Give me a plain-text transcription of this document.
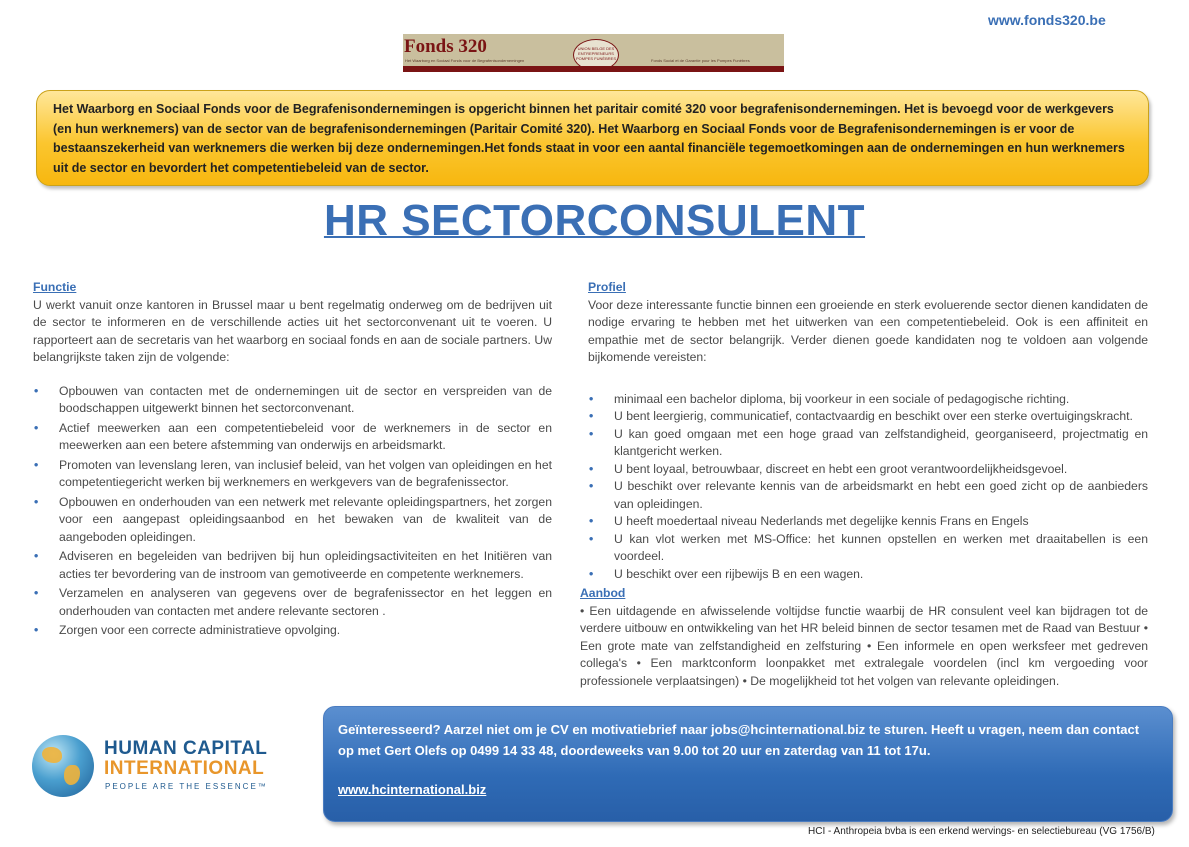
www.fonds320.be
Fonds 320
Het Waarborg en Sociaal Fonds voor de Begrafenisondernemingen	Fonds Social et de Garantie pour les Pompes Funèbres
UNION BELGE DES ENTREPRENEURS POMPES FUNÈBRES
Het Waarborg en Sociaal Fonds voor de Begrafenisondernemingen is opgericht binnen het paritair comité 320 voor begrafenisondernemingen. Het is bevoegd voor de werkgevers (en hun werknemers) van de sector van de begrafenisondernemingen (Paritair Comité 320). Het Waarborg en Sociaal Fonds voor de Begrafenisondernemingen is er voor de bestaanszekerheid van werknemers die werken bij deze ondernemingen.Het fonds staat in voor een aantal financiële tegemoetkomingen aan de ondernemingen en hun werknemers uit de sector en bevordert het competentiebeleid van de sector.
HR SECTORCONSULENT
Functie
U werkt vanuit onze kantoren in Brussel maar u bent regelmatig onderweg om de bedrijven uit de sector te informeren en de verschillende acties uit het sectorconvenant uit te voeren. U rapporteert aan de secretaris van het waarborg en sociaal fonds en aan de sociale partners. Uw belangrijkste taken zijn de volgende:
• Opbouwen van contacten met de ondernemingen uit de sector en verspreiden van de boodschappen uitgewerkt binnen het sectorconvenant.
• Actief meewerken aan een competentiebeleid voor de werknemers in de sector en meewerken aan een betere afstemming van onderwijs en arbeidsmarkt.
• Promoten van levenslang leren, van inclusief beleid, van het volgen van opleidingen en het competentiegericht werken bij werknemers en werkgevers van de begrafenissector.
• Opbouwen en onderhouden van een netwerk met relevante opleidingspartners, het zorgen voor een aangepast opleidingsaanbod en het bewaken van de kwaliteit van de aangeboden opleidingen.
• Adviseren en begeleiden van bedrijven bij hun opleidingsactiviteiten en het Initiëren van acties ter bevordering van de instroom van gemotiveerde en competente werknemers.
• Verzamelen en analyseren van gegevens over de begrafenissector en het leggen en onderhouden van contacten met andere relevante sectoren .
• Zorgen voor een correcte administratieve opvolging.
Profiel
Voor deze interessante functie binnen een groeiende en sterk evoluerende sector dienen kandidaten de nodige ervaring te hebben met het uitwerken van een competentiebeleid. Ook is een affiniteit en empathie met de sector belangrijk. Verder dienen goede kandidaten nog te voldoen aan volgende bijkomende vereisten:
• minimaal een bachelor diploma, bij voorkeur in een sociale of pedagogische richting.
• U bent leergierig, communicatief, contactvaardig en beschikt over een sterke overtuigingskracht.
• U kan goed omgaan met een hoge graad van zelfstandigheid, georganiseerd, projectmatig en klantgericht werken.
• U bent loyaal, betrouwbaar, discreet en hebt een groot verantwoordelijkheidsgevoel.
• U beschikt over relevante kennis van de arbeidsmarkt en hebt een goed zicht op de aanbieders van opleidingen.
• U heeft moedertaal niveau Nederlands met degelijke kennis Frans en Engels
• U kan vlot werken met MS-Office: het kunnen opstellen en werken met draaitabellen is een voordeel.
• U beschikt over een rijbewijs B en een wagen.
Aanbod
• Een uitdagende en afwisselende voltijdse functie waarbij de HR consulent veel kan bijdragen tot de verdere uitbouw en ontwikkeling van het HR beleid binnen de sector tesamen met de Raad van Bestuur • Een grote mate van zelfstandigheid en zelfsturing • Een informele en open werksfeer met gedreven collega's • Een marktconform loonpakket met extralegale voordelen (incl km vergoeding voor professionele verplaatsingen) • De mogelijkheid tot het volgen van relevante opleidingen.
HUMAN CAPITAL
INTERNATIONAL
PEOPLE ARE THE ESSENCE™
Geïnteresseerd? Aarzel niet om je CV en motivatiebrief naar jobs@hcinternational.biz te sturen. Heeft u vragen, neem dan contact op met Gert Olefs op 0499 14 33 48, doordeweeks van 9.00 tot 20 uur en zaterdag van 11 tot 17u.
www.hcinternational.biz
HCI - Anthropeia bvba is een erkend wervings- en selectiebureau (VG 1756/B)
